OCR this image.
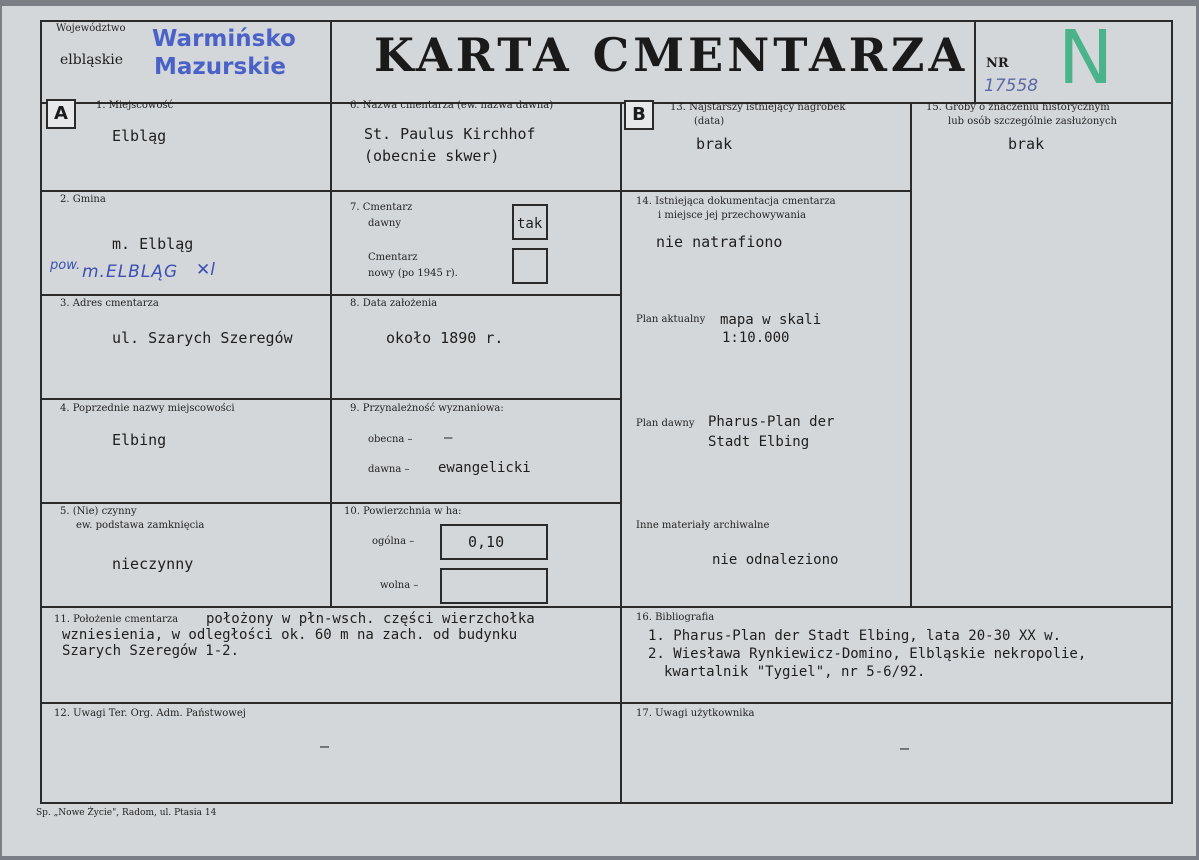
Województwo
elbląskie
Warmińsko
Mazurskie KARTA CMENTARZA NR
17558 N
A	B
1. Miejscowość
Elbląg
2. Gmina
m. Elbląg
pow. m.ELBLĄG ✕l
3. Adres cmentarza
ul. Szarych Szeregów
4. Poprzednie nazwy miejscowości
Elbing
5. (Nie) czynny
ew. podstawa zamknięcia
nieczynny
6. Nazwa cmentarza (ew. nazwa dawna)
St. Paulus Kirchhof
(obecnie skwer)
7. Cmentarz
dawny	tak
Cmentarz
nowy (po 1945 r).
8. Data założenia
około 1890 r.
9. Przynależność wyznaniowa:
obecna – –
dawna – ewangelicki
10. Powierzchnia w ha:
ogólna –	0,10
wolna –
11. Położenie cmentarza położony w płn-wsch. części wierzchołka
wzniesienia, w odległości ok. 60 m na zach. od budynku
Szarych Szeregów 1-2.
12. Uwagi Ter. Org. Adm. Państwowej
–
13. Najstarszy istniejący nagrobek
(data)
brak
14. Istniejąca dokumentacja cmentarza
i miejsce jej przechowywania
nie natrafiono
Plan aktualny mapa w skali
1:10.000
Plan dawny Pharus-Plan der
Stadt Elbing
Inne materiały archiwalne
nie odnaleziono
15. Groby o znaczeniu historycznym
lub osób szczególnie zasłużonych
brak
16. Bibliografia
1. Pharus-Plan der Stadt Elbing, lata 20-30 XX w.
2. Wiesława Rynkiewicz-Domino, Elbląskie nekropolie,
kwartalnik "Tygiel", nr 5-6/92.
17. Uwagi użytkownika
–
Sp. „Nowe Życie", Radom, ul. Ptasia 14
